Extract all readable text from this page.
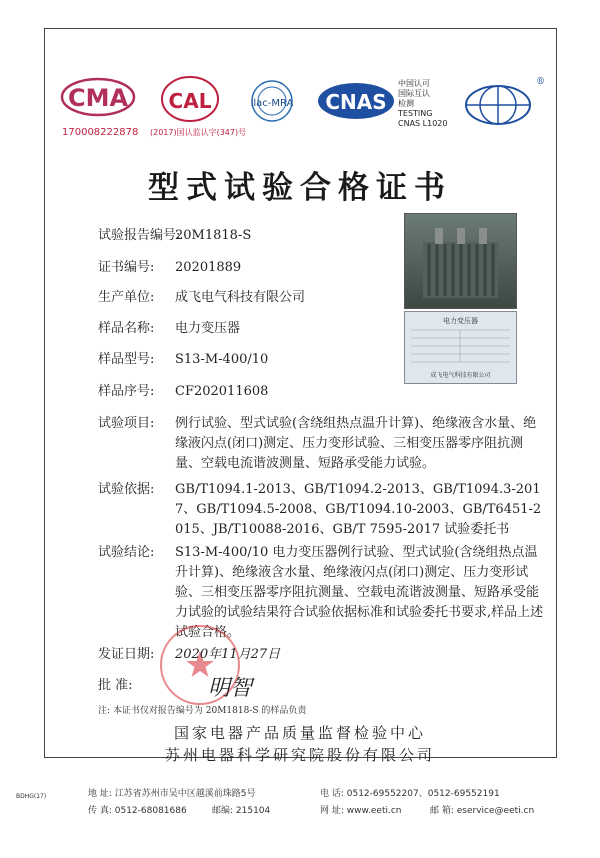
CMA
170008222878
CAL
(2017)国认监认字(347)号
ilac-MRA CNAS
中国认可
国际互认
检测
TESTING
CNAS L1020
®
型式试验合格证书
试验报告编号:20M1818-S
证书编号: 20201889
生产单位: 成飞电气科技有限公司
样品名称: 电力变压器
样品型号: S13-M-400/10
样品序号: CF202011608
电力变压器
成飞电气科技有限公司
试验项目:	例行试验、型式试验(含绕组热点温升计算)、绝缘液含水量、绝缘液闪点(闭口)测定、压力变形试验、三相变压器零序阻抗测量、空载电流谐波测量、短路承受能力试验。
试验依据:	GB/T1094.1-2013、GB/T1094.2-2013、GB/T1094.3-2017、GB/T1094.5-2008、GB/T1094.10-2003、GB/T6451-2015、JB/T10088-2016、GB/T 7595-2017 试验委托书
试验结论:	S13-M-400/10 电力变压器例行试验、型式试验(含绕组热点温升计算)、绝缘液含水量、绝缘液闪点(闭口)测定、压力变形试验、三相变压器零序阻抗测量、空载电流谐波测量、短路承受能力试验的试验结果符合试验依据标准和试验委托书要求,样品上述试验合格。
发证日期: 2020年11月27日
批 准:	明智
注: 本证书仅对报告编号为 20M1818-S 的样品负责
国家电器产品质量监督检验中心
苏州电器科学研究院股份有限公司
BDHG(17)	地 址: 江苏省苏州市吴中区越溪前珠路5号	电 话: 0512-69552207、0512-69552191
传 真: 0512-68081686	邮编: 215104	网 址: www.eeti.cn	邮 箱: eservice@eeti.cn
